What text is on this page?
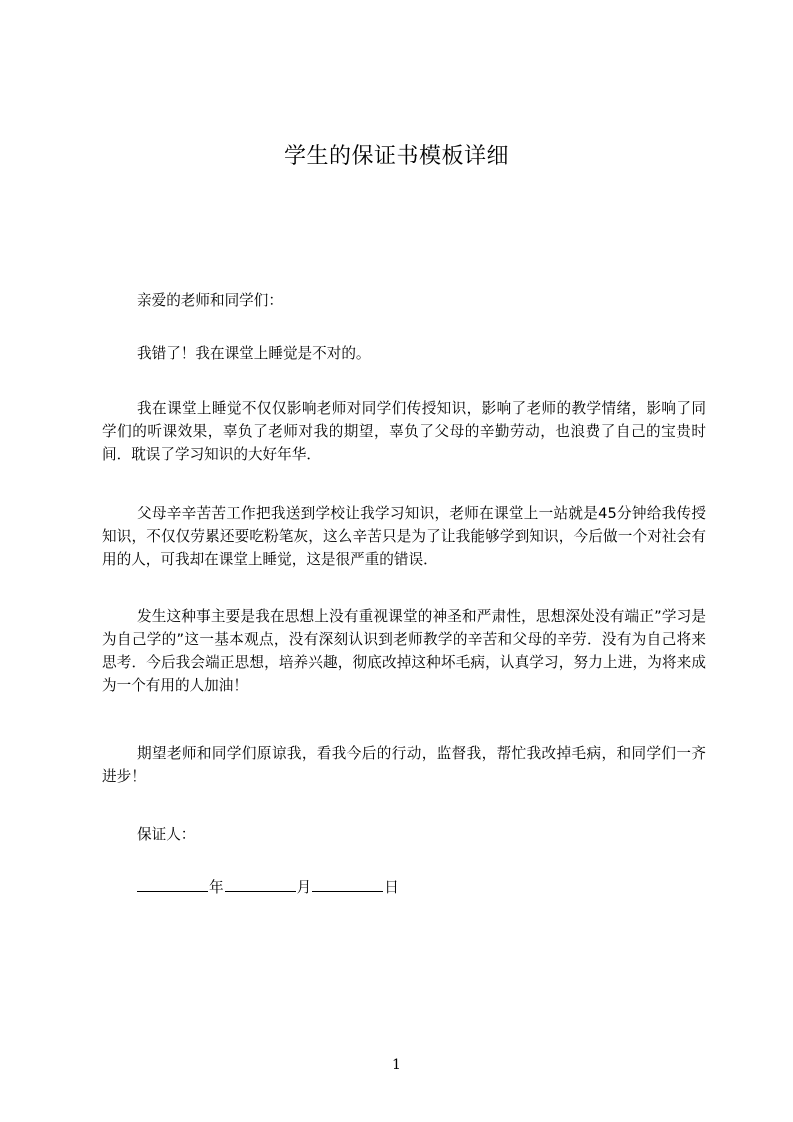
学生的保证书模板详细

亲爱的老师和同学们：

我错了！我在课堂上睡觉是不对的。

我在课堂上睡觉不仅仅影响老师对同学们传授知识，影响了老师的教学情绪，影响了同学们的听课效果，辜负了老师对我的期望，辜负了父母的辛勤劳动，也浪费了自己的宝贵时间．耽误了学习知识的大好年华．

父母辛辛苦苦工作把我送到学校让我学习知识，老师在课堂上一站就是45分钟给我传授知识，不仅仅劳累还要吃粉笔灰，这么辛苦只是为了让我能够学到知识，今后做一个对社会有用的人，可我却在课堂上睡觉，这是很严重的错误．

发生这种事主要是我在思想上没有重视课堂的神圣和严肃性，思想深处没有端正”学习是为自己学的”这一基本观点，没有深刻认识到老师教学的辛苦和父母的辛劳．没有为自己将来思考．今后我会端正思想，培养兴趣，彻底改掉这种坏毛病，认真学习，努力上进，为将来成为一个有用的人加油！

期望老师和同学们原谅我，看我今后的行动，监督我，帮忙我改掉毛病，和同学们一齐进步！

保证人：

年	月	日
1
